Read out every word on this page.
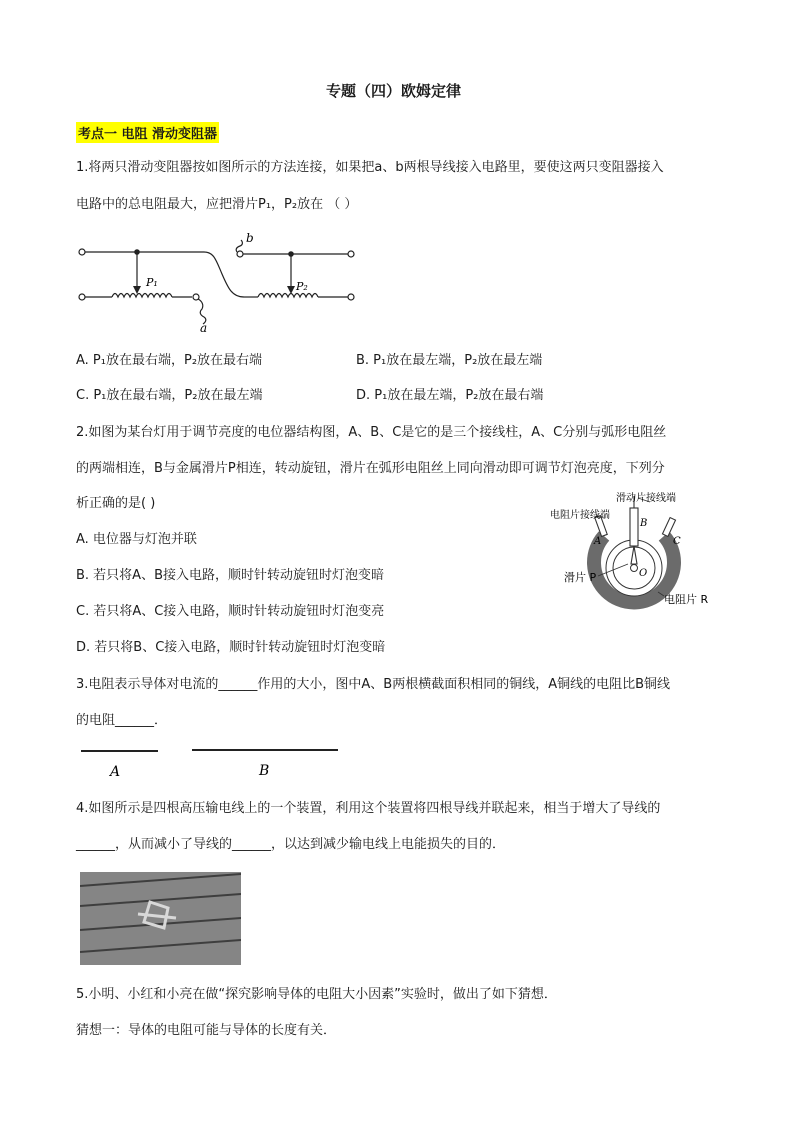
专题（四）欧姆定律
考点一 电阻 滑动变阻器
1.将两只滑动变阻器按如图所示的方法连接，如果把a、b两根导线接入电路里，要使这两只变阻器接入
电路中的总电阻最大，应把滑片P₁，P₂放在 （ ）
P₁	P₂
a
b
A. P₁放在最右端，P₂放在最右端	B. P₁放在最左端，P₂放在最左端
C. P₁放在最右端，P₂放在最左端	D. P₁放在最左端，P₂放在最右端
2.如图为某台灯用于调节亮度的电位器结构图，A、B、C是它的是三个接线柱，A、C分别与弧形电阻丝
的两端相连，B与金属滑片P相连，转动旋钮，滑片在弧形电阻丝上同向滑动即可调节灯泡亮度，下列分
析正确的是( )
A. 电位器与灯泡并联
B. 若只将A、B接入电路，顺时针转动旋钮时灯泡变暗
C. 若只将A、C接入电路，顺时针转动旋钮时灯泡变亮
D. 若只将B、C接入电路，顺时针转动旋钮时灯泡变暗
电阻片接线端
滑动片接线端
滑片 P
电阻片 R
A
B
C
O
3.电阻表示导体对电流的______作用的大小，图中A、B两根横截面积相同的铜线，A铜线的电阻比B铜线
的电阻______．
A	B
4.如图所示是四根高压输电线上的一个装置，利用这个装置将四根导线并联起来，相当于增大了导线的
______，从而减小了导线的______，以达到减少输电线上电能损失的目的．
5.小明、小红和小亮在做“探究影响导体的电阻大小因素”实验时，做出了如下猜想．
猜想一：导体的电阻可能与导体的长度有关．
